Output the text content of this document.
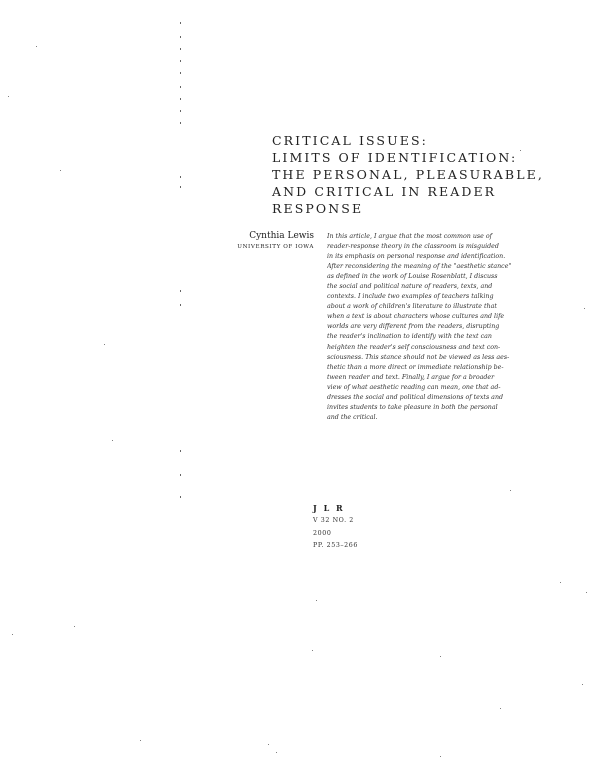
CRITICAL ISSUES:
LIMITS OF IDENTIFICATION:
THE PERSONAL, PLEASURABLE,
AND CRITICAL IN READER
RESPONSE
Cynthia Lewis
UNIVERSITY OF IOWA
In this article, I argue that the most common use of
reader-response theory in the classroom is misguided
in its emphasis on personal response and identification.
After reconsidering the meaning of the "aesthetic stance"
as defined in the work of Louise Rosenblatt, I discuss
the social and political nature of readers, texts, and
contexts. I include two examples of teachers talking
about a work of children's literature to illustrate that
when a text is about characters whose cultures and life
worlds are very different from the readers, disrupting
the reader's inclination to identify with the text can
heighten the reader's self consciousness and text con-
sciousness. This stance should not be viewed as less aes-
thetic than a more direct or immediate relationship be-
tween reader and text. Finally, I argue for a broader
view of what aesthetic reading can mean, one that ad-
dresses the social and political dimensions of texts and
invites students to take pleasure in both the personal
and the critical.
J L R
V 32 NO. 2
2000
PP. 253–266
